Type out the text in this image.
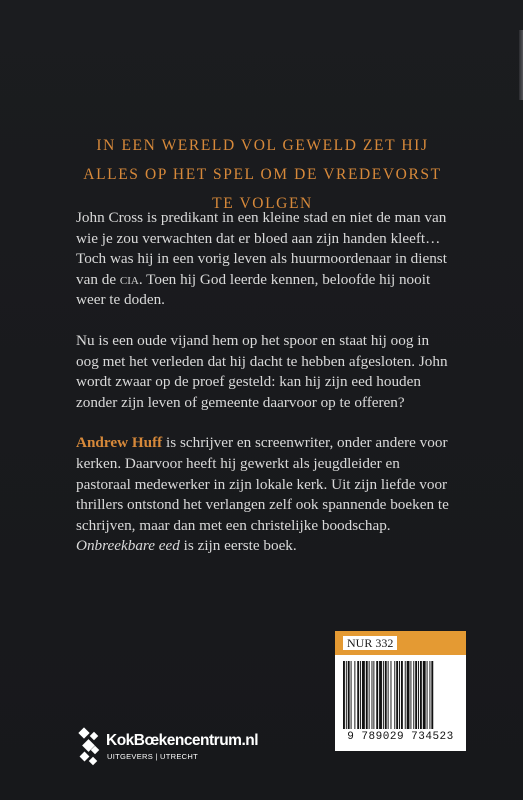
IN EEN WERELD VOL GEWELD ZET HIJ
ALLES OP HET SPEL OM DE VREDEVORST
TE VOLGEN

John Cross is predikant in een kleine stad en niet de man van wie je zou verwachten dat er bloed aan zijn handen kleeft… Toch was hij in een vorig leven als huurmoordenaar in dienst van de cia. Toen hij God leerde kennen, beloofde hij nooit weer te doden.

Nu is een oude vijand hem op het spoor en staat hij oog in oog met het verleden dat hij dacht te hebben afgesloten. John wordt zwaar op de proef gesteld: kan hij zijn eed houden zonder zijn leven of gemeente daarvoor op te offeren?

Andrew Huff is schrijver en screenwriter, onder andere voor kerken. Daarvoor heeft hij gewerkt als jeugdleider en pastoraal medewerker in zijn lokale kerk. Uit zijn liefde voor thrillers ontstond het verlangen zelf ook spannende boeken te schrijven, maar dan met een christelijke boodschap. Onbreekbare eed is zijn eerste boek.

NUR 332
9 789029 734523
KokBœkencentrum.nl
UITGEVERS | UTRECHT
